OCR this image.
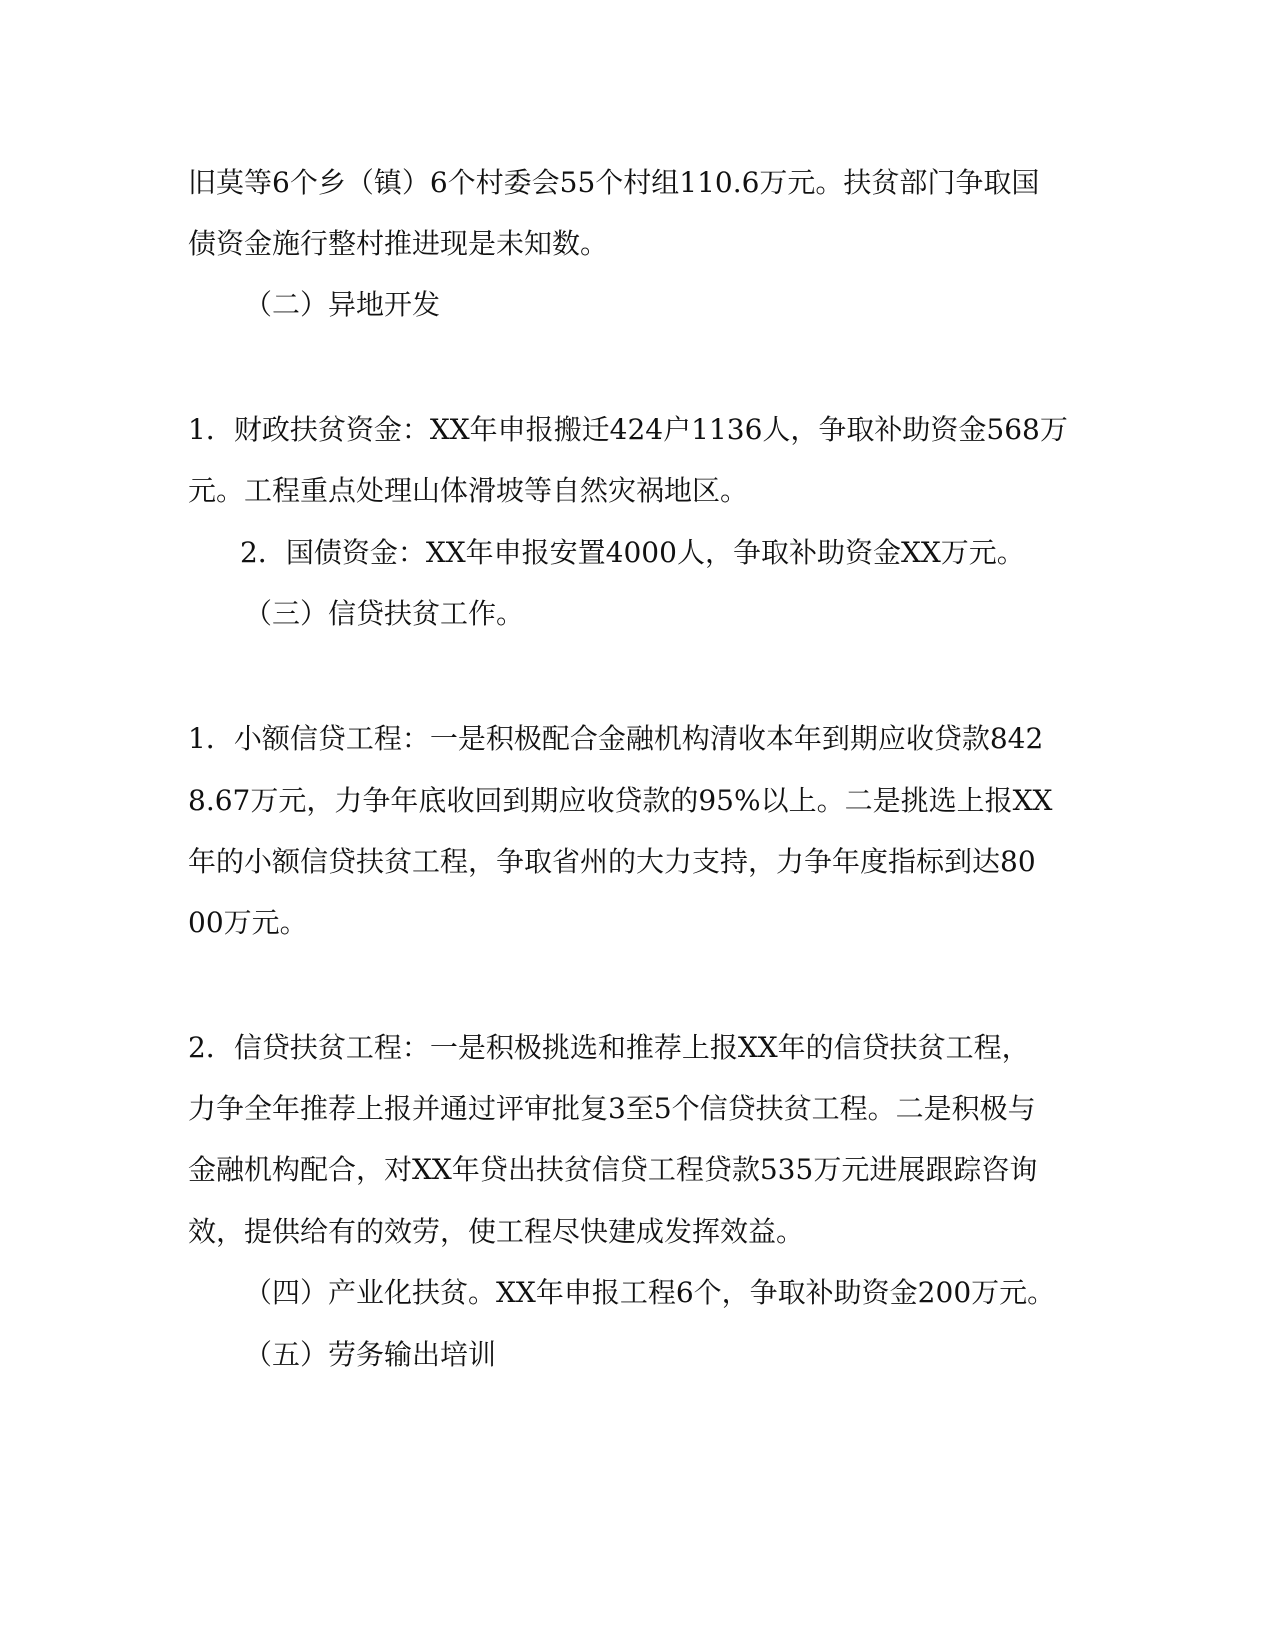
旧莫等6个乡（镇）6个村委会55个村组110.6万元。扶贫部门争取国
债资金施行整村推进现是未知数。
（二）异地开发
1．财政扶贫资金：XX年申报搬迁424户1136人，争取补助资金568万
元。工程重点处理山体滑坡等自然灾祸地区。
2．国债资金：XX年申报安置4000人，争取补助资金XX万元。
（三）信贷扶贫工作。
1．小额信贷工程：一是积极配合金融机构清收本年到期应收贷款842
8.67万元，力争年底收回到期应收贷款的95%以上。二是挑选上报XX
年的小额信贷扶贫工程，争取省州的大力支持，力争年度指标到达80
00万元。
2．信贷扶贫工程：一是积极挑选和推荐上报XX年的信贷扶贫工程，
力争全年推荐上报并通过评审批复3至5个信贷扶贫工程。二是积极与
金融机构配合，对XX年贷出扶贫信贷工程贷款535万元进展跟踪咨询
效，提供给有的效劳，使工程尽快建成发挥效益。
（四）产业化扶贫。XX年申报工程6个，争取补助资金200万元。
（五）劳务输出培训
